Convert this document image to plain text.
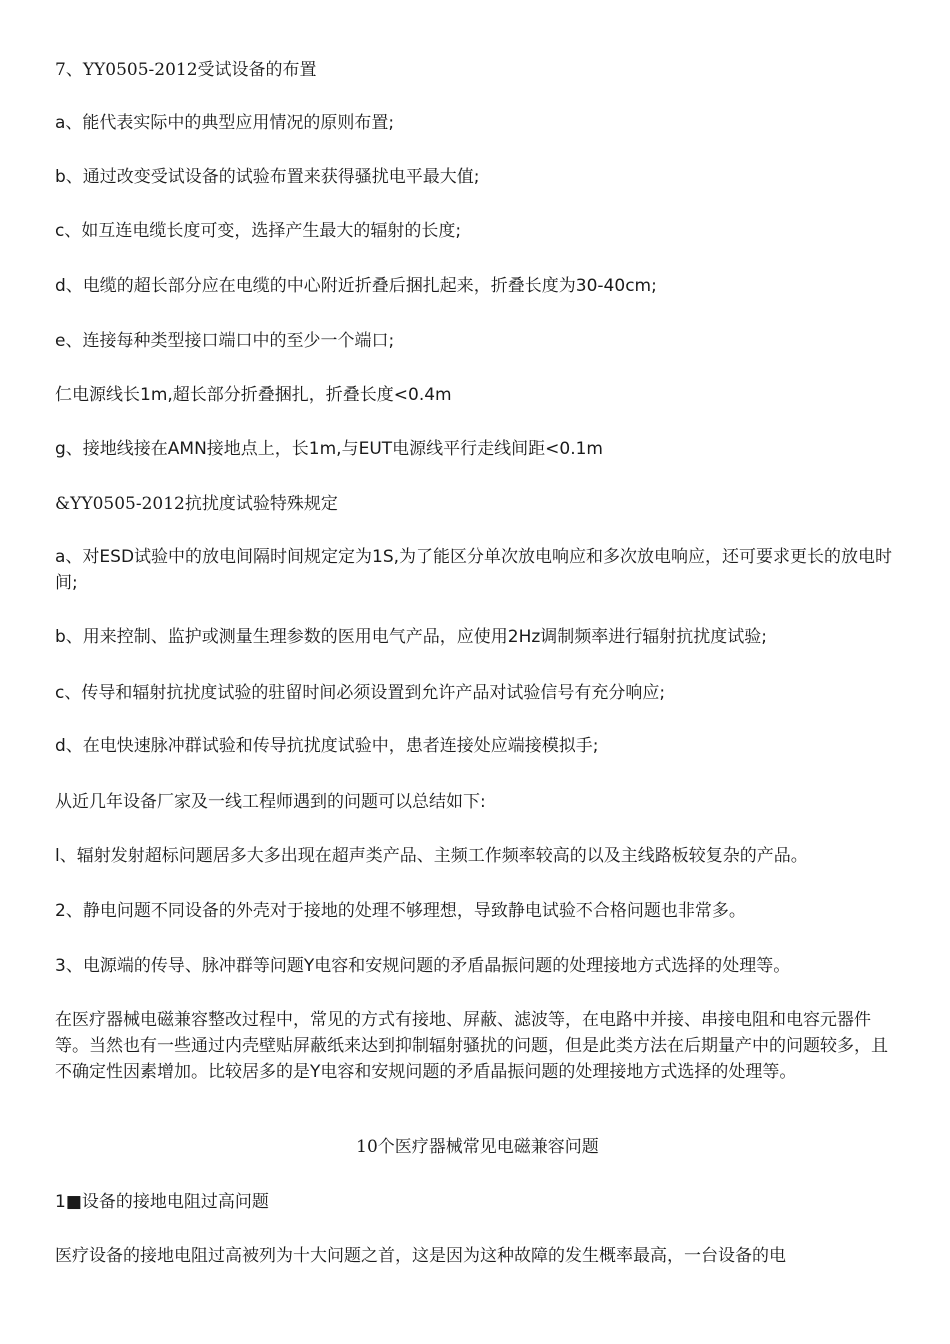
7、YY0505-2012受试设备的布置
a、能代表实际中的典型应用情况的原则布置;
b、通过改变受试设备的试验布置来获得骚扰电平最大值;
c、如互连电缆长度可变，选择产生最大的辐射的长度;
d、电缆的超长部分应在电缆的中心附近折叠后捆扎起来，折叠长度为30-40cm;
e、连接每种类型接口端口中的至少一个端口;
仁电源线长1m,超长部分折叠捆扎，折叠长度<0.4m
g、接地线接在AMN接地点上，长1m,与EUT电源线平行走线间距<0.1m
&YY0505-2012抗扰度试验特殊规定
a、对ESD试验中的放电间隔时间规定定为1S,为了能区分单次放电响应和多次放电响应，还可要求更长的放电时间;
b、用来控制、监护或测量生理参数的医用电气产品，应使用2Hz调制频率进行辐射抗扰度试验;
c、传导和辐射抗扰度试验的驻留时间必须设置到允许产品对试验信号有充分响应;
d、在电快速脉冲群试验和传导抗扰度试验中，患者连接处应端接模拟手;
从近几年设备厂家及一线工程师遇到的问题可以总结如下:
l、辐射发射超标问题居多大多出现在超声类产品、主频工作频率较高的以及主线路板较复杂的产品。
2、静电问题不同设备的外壳对于接地的处理不够理想，导致静电试验不合格问题也非常多。
3、电源端的传导、脉冲群等问题Y电容和安规问题的矛盾晶振问题的处理接地方式选择的处理等。
在医疗器械电磁兼容整改过程中，常见的方式有接地、屏蔽、滤波等，在电路中并接、串接电阻和电容元器件等。当然也有一些通过内壳壁贴屏蔽纸来达到抑制辐射骚扰的问题，但是此类方法在后期量产中的问题较多，且不确定性因素增加。比较居多的是Y电容和安规问题的矛盾晶振问题的处理接地方式选择的处理等。
10个医疗器械常见电磁兼容问题
1■设备的接地电阻过高问题
医疗设备的接地电阻过高被列为十大问题之首，这是因为这种故障的发生概率最高，一台设备的电
